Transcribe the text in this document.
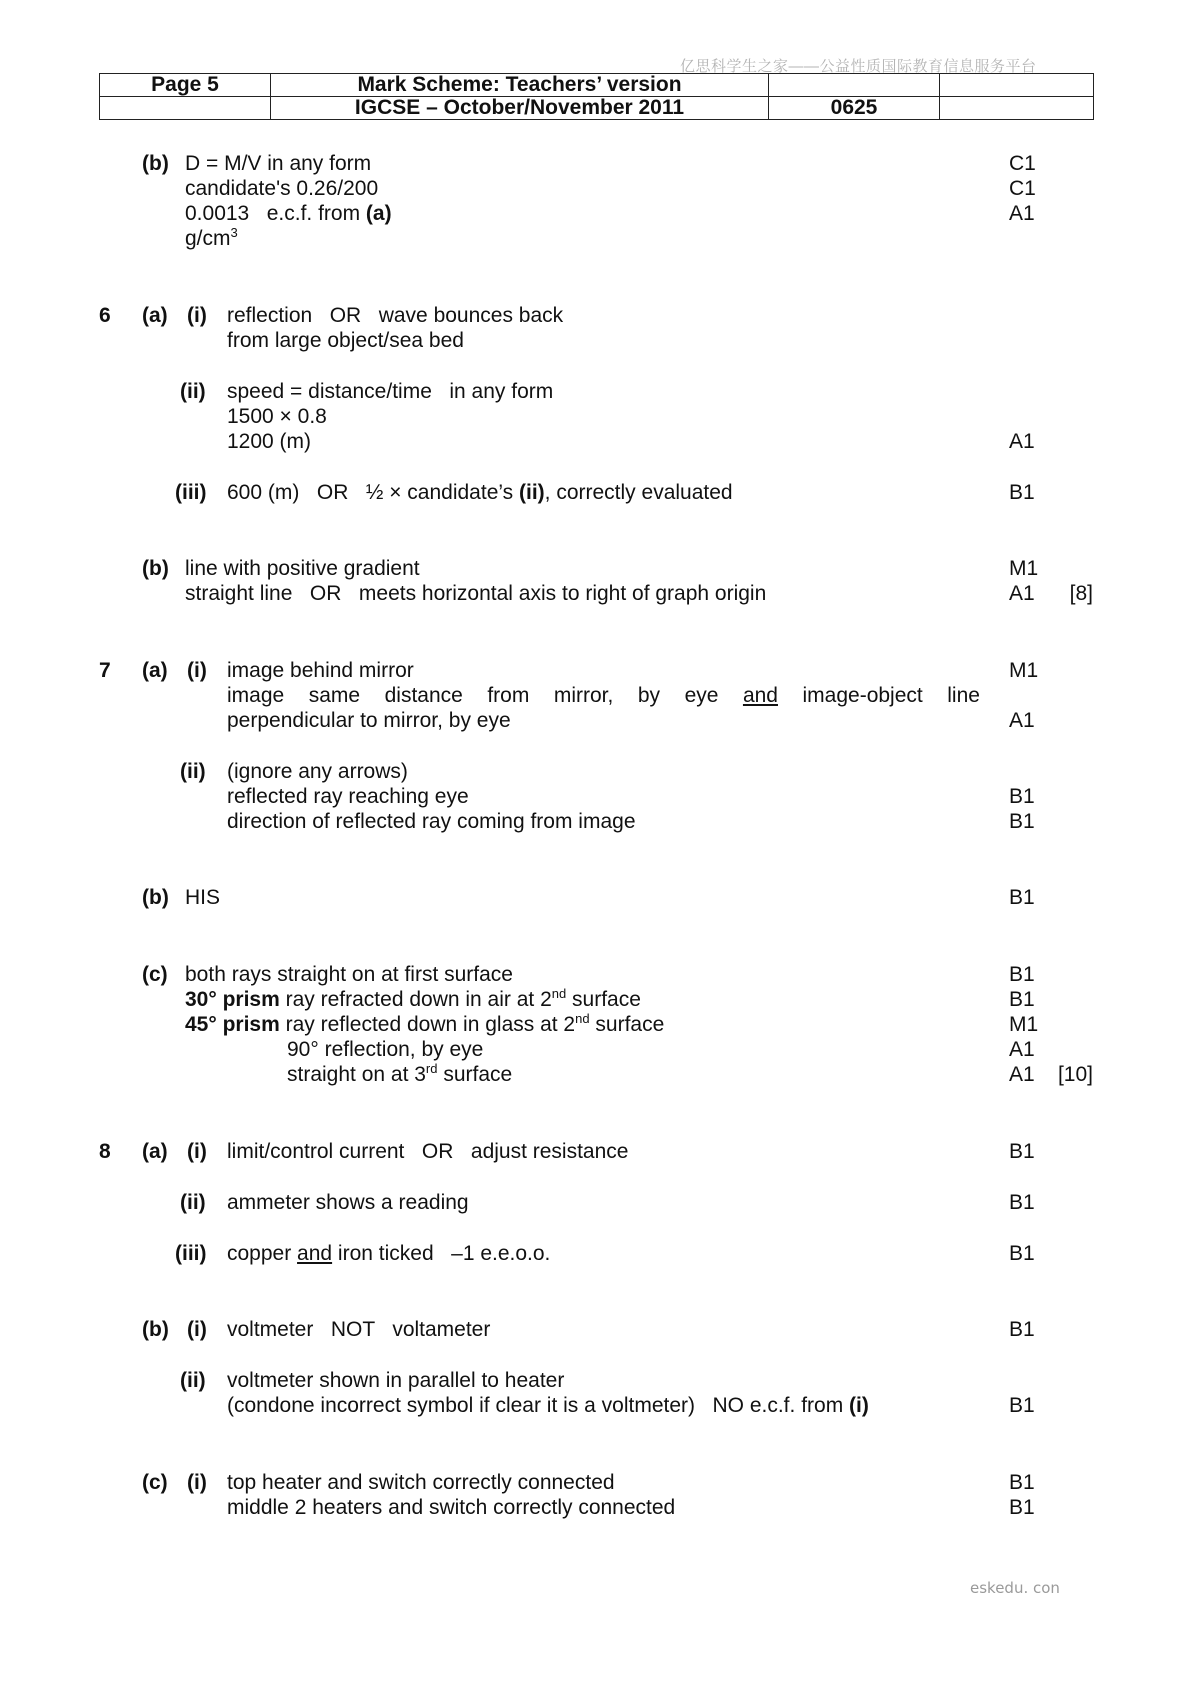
亿思科学生之家——公益性质国际教育信息服务平台
Page 5	Mark Scheme: Teachers’ version		
	IGCSE – October/November 2011	0625	
(b) D = M/V in any form	C1
candidate's 0.26/200	C1
0.0013   e.c.f. from (a)	A1
$g/cm^3$
6 (a) (i) reflection   OR   wave bounces back
from large object/sea bed
(ii) speed = distance/time   in any form
1500 × 0.8
1200 (m)	A1
(iii) 600 (m)   OR   ½ × candidate’s (ii), correctly evaluated	B1
(b) line with positive gradient	M1
straight line   OR   meets horizontal axis to right of graph origin	A1 [8]
7 (a) (i) image behind mirror	M1
image same distance from mirror, by eye and image-object line
perpendicular to mirror, by eye	A1
(ii) (ignore any arrows)
reflected ray reaching eye	B1
direction of reflected ray coming from image	B1
(b) HIS	B1
(c) both rays straight on at first surface	B1
30° prism ray refracted down in air at 2nd surface	B1
45° prism ray reflected down in glass at 2nd surface	M1
90° reflection, by eye	A1
straight on at 3rd surface	A1 [10]
8 (a) (i) limit/control current   OR   adjust resistance	B1
(ii) ammeter shows a reading	B1
(iii) copper and iron ticked   –1 e.e.o.o.	B1
(b) (i) voltmeter   NOT   voltameter	B1
(ii) voltmeter shown in parallel to heater
(condone incorrect symbol if clear it is a voltmeter)   NO e.c.f. from (i)	B1
(c) (i) top heater and switch correctly connected	B1
middle 2 heaters and switch correctly connected	B1
eskedu. con
